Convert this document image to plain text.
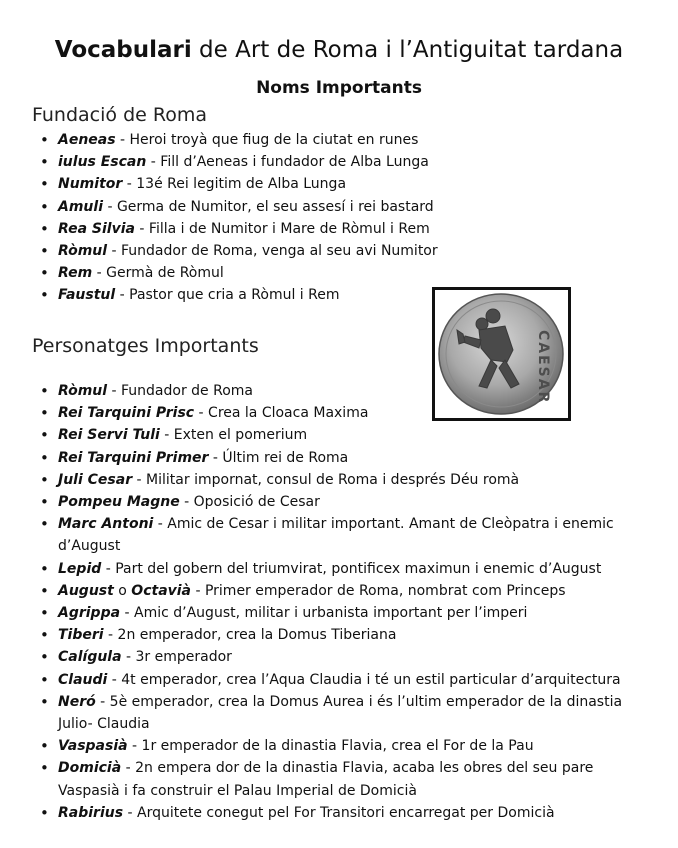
Vocabulari de Art de Roma i l’Antiguitat tardana
Noms Importants
Fundació de Roma
• Aeneas - Heroi troyà que fiug de la ciutat en runes
• iulus Escan - Fill d’Aeneas i fundador de Alba Lunga
• Numitor - 13é Rei legitim de Alba Lunga
• Amuli - Germa de Numitor, el seu assesí i rei bastard
• Rea Silvia - Filla i de Numitor i Mare de Ròmul i Rem
• Ròmul - Fundador de Roma, venga al seu avi Numitor
• Rem - Germà de Ròmul
• Faustul - Pastor que cria a Ròmul i Rem
CAESAR
Personatges Importants
• Ròmul - Fundador de Roma
• Rei Tarquini Prisc - Crea la Cloaca Maxima
• Rei Servi Tuli - Exten el pomerium
• Rei Tarquini Primer - Últim rei de Roma
• Juli Cesar - Militar impornat, consul de Roma i després Déu romà
• Pompeu Magne - Oposició de Cesar
• Marc Antoni - Amic de Cesar i militar important. Amant de Cleòpatra i enemic d’August
• Lepid - Part del gobern del triumvirat, pontificex maximun i enemic d’August
• August o Octavià - Primer emperador de Roma, nombrat com Princeps
• Agrippa - Amic d’August, militar i urbanista important per l’imperi
• Tiberi - 2n emperador, crea la Domus Tiberiana
• Calígula - 3r emperador
• Claudi - 4t emperador, crea l’Aqua Claudia i té un estil particular d’arquitectura
• Neró - 5è emperador, crea la Domus Aurea i és l’ultim emperador de la dinastia Julio- Claudia
• Vaspasià - 1r emperador de la dinastia Flavia, crea el For de la Pau
• Domicià - 2n empera dor de la dinastia Flavia, acaba les obres del seu pare Vaspasià i fa construir el Palau Imperial de Domicià
• Rabirius - Arquitete conegut pel For Transitori encarregat per Domicià
